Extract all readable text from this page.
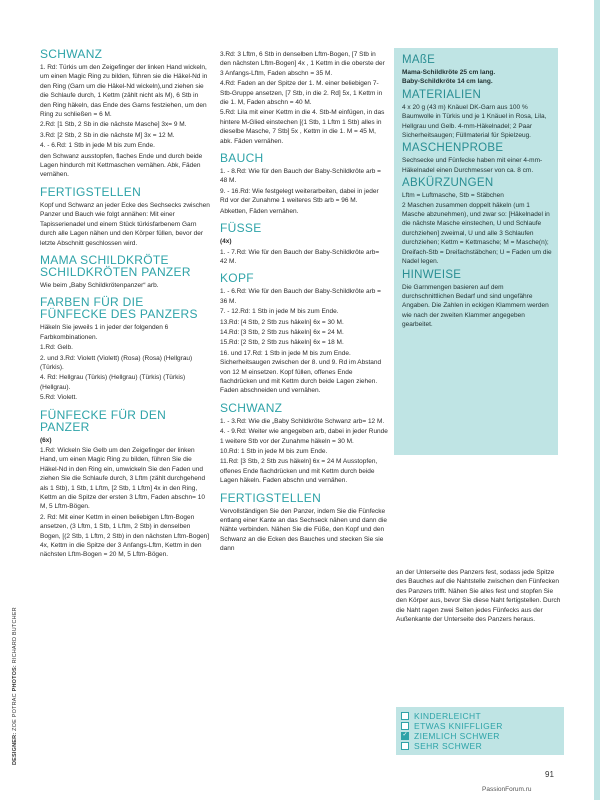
SCHWANZ

1. Rd: Türkis um den Zeigefinger der linken Hand wickeln, um einen Magic Ring zu bilden, führen sie die Häkel-Nd in den Ring (Garn um die Häkel-Nd wickeln),und ziehen sie die Schlaufe durch, 1 Kettm (zählt nicht als M), 6 Stb in den Ring häkeln, das Ende des Garns festziehen, um den Ring zu schließen = 6 M.

2.Rd: [1 Stb, 2 Sb in die nächste Masche] 3x= 9 M.

3.Rd: [2 Stb, 2 Sb in die nächste M] 3x = 12 M.

4. - 6.Rd: 1 Stb in jede M bis zum Ende.

den Schwanz ausstopfen, flaches Ende und durch beide Lagen hindurch mit Kettmaschen vernähen. Abk, Fäden vernähen.

FERTIGSTELLEN

Kopf und Schwanz an jeder Ecke des Sechsecks zwischen Panzer und Bauch wie folgt annähen: Mit einer Tapisserienadel und einem Stück türkisfarbenem Garn durch alle Lagen nähen und den Körper füllen, bevor der letzte Abschnitt geschlossen wird.

MAMA SCHILDKRÖTE SCHILDKRÖTEN PANZER

Wie beim „Baby Schildkrötenpanzer“ arb.

FARBEN FÜR DIE FÜNFECKE DES PANZERS

Häkeln Sie jeweils 1 in jeder der folgenden 6 Farbkombinationen.

1.Rd: Gelb.

2. und 3.Rd: Violett (Violett) (Rosa) (Rosa) (Hellgrau) (Türkis).

4. Rd: Hellgrau (Türkis) (Hellgrau) (Türkis) (Türkis) (Hellgrau).

5.Rd: Violett.

FÜNFECKE FÜR DEN PANZER

(6x)

1.Rd: Wickeln Sie Gelb um den Zeigefinger der linken Hand, um einen Magic Ring zu bilden, führen Sie die Häkel-Nd in den Ring ein, umwickeln Sie den Faden und ziehen Sie die Schlaufe durch, 3 Lftm (zählt durchgehend als 1 Stb), 1 Stb, 1 Lftm, [2 Stb, 1 Lftm] 4x in den Ring, Kettm an die Spitze der ersten 3 Lftm, Faden abschn= 10 M, 5 Lftm-Bögen.

2. Rd: Mit einer Kettm in einen beliebigen Lftm-Bogen ansetzen, (3 Lftm, 1 Stb, 1 Lftm, 2 Stb) in denselben Bogen, [(2 Stb, 1 Lftm, 2 Stb) in den nächsten Lftm-Bogen] 4x, Kettm in die Spitze der 3 Anfangs-Lftm, Kettm in den nächsten Lftm-Bogen = 20 M, 5 Lftm-Bögen.

3.Rd: 3 Lftm, 6 Stb in denselben Lftm-Bogen, [7 Stb in den nächsten Lftm-Bogen] 4x , 1 Kettm in die oberste der 3 Anfangs-Lftm, Faden abschn = 35 M.

4.Rd: Faden an der Spitze der 1. M. einer beliebigen 7-Stb-Gruppe ansetzen, [7 Stb, in die 2. Rd] 5x, 1 Kettm in die 1. M, Faden abschn = 40 M.

5.Rd: Lila mit einer Kettm in die 4. Stb-M einfügen, in das hintere M-Glied einstechen [(1 Stb, 1 Lftm 1 Stb) alles in dieselbe Masche, 7 Stb] 5x , Kettm in die 1. M = 45 M, abk. Fäden vernähen.

BAUCH

1. - 8.Rd: Wie für den Bauch der Baby-Schildkröte arb = 48 M.

9. - 16.Rd: Wie festgelegt weiterarbeiten, dabei in jeder Rd vor der Zunahme 1 weiteres Stb arb = 96 M.

Abketten, Fäden vernähen.

FÜSSE

(4x)

1. - 7.Rd: Wie für den Bauch der Baby-Schildkröte arb= 42 M.

KOPF

1. - 6.Rd: Wie für den Bauch der Baby-Schildkröte arb = 36 M.

7. - 12.Rd: 1 Stb in jede M bis zum Ende.

13.Rd: [4 Stb, 2 Stb zus häkeln] 6x = 30 M.

14.Rd: [3 Stb, 2 Stb zus häkeln] 6x = 24 M.

15.Rd: [2 Stb, 2 Stb zus häkeln] 6x = 18 M.

16. und 17.Rd: 1 Stb in jede M bis zum Ende. Sicherheitsaugen zwischen der 8. und 9. Rd im Abstand von 12 M einsetzen. Kopf füllen, offenes Ende flachdrücken und mit Kettm durch beide Lagen ziehen. Faden abschneiden und vernähen.

SCHWANZ

1. - 3.Rd: Wie die „Baby Schildkröte Schwanz arb= 12 M.

4. - 9.Rd: Weiter wie angegeben arb, dabei in jeder Runde 1 weitere Stb vor der Zunahme häkeln = 30 M.

10.Rd: 1 Stb in jede M bis zum Ende.

11.Rd: [3 Stb, 2 Stb zus häkeln] 6x = 24 M Ausstopfen, offenes Ende flachdrücken und mit Kettm durch beide Lagen häkeln. Faden abschn und vernähen.

FERTIGSTELLEN

Vervollständigen Sie den Panzer, indem Sie die Fünfecke entlang einer Kante an das Sechseck nähen und dann die Nähte verbinden. Nähen Sie die Füße, den Kopf und den Schwanz an die Ecken des Bauches und stecken Sie sie dann

MAßE

Mama-Schildkröte 25 cm lang.

Baby-Schildkröte 14 cm lang.

MATERIALIEN

4 x 20 g (43 m) Knäuel DK-Garn aus 100 % Baumwolle in Türkis und je 1 Knäuel in Rosa, Lila, Hellgrau und Gelb. 4-mm-Häkelnadel; 2 Paar Sicherheitsaugen; Füllmaterial für Spielzeug.

MASCHENPROBE

Sechsecke und Fünfecke haben mit einer 4-mm-Häkelnadel einen Durchmesser von ca. 8 cm.

ABKÜRZUNGEN

Lftm = Luftmasche, Stb = Stäbchen

2 Maschen zusammen doppelt häkeln (um 1 Masche abzunehmen), und zwar so: [Häkelnadel in die nächste Masche einstechen, U und Schlaufe durchziehen] zweimal, U und alle 3 Schlaufen durchziehen; Kettm = Kettmasche; M = Masche(n); Dreifach-Stb = Dreifachstäbchen; U = Faden um die Nadel legen.

HINWEISE

Die Garnmengen basieren auf dem durchschnittlichen Bedarf und sind ungefähre Angaben. Die Zahlen in eckigen Klammern werden wie nach der zweiten Klammer angegeben gearbeitet.

an der Unterseite des Panzers fest, sodass jede Spitze des Bauches auf die Nahtstelle zwischen den Fünfecken des Panzers trifft. Nähen Sie alles fest und stopfen Sie den Körper aus, bevor Sie diese Naht fertigstellen. Durch die Naht ragen zwei Seiten jedes Fünfecks aus der Außenkante der Unterseite des Panzers heraus.

KINDERLEICHT
ETWAS KNIFFLIGER
✓
ZIEMLICH SCHWER
SEHR SCHWER
DESIGNER: ZOE POTRAC PHOTOS: RICHARD BUTCHER
91
PassionForum.ru
